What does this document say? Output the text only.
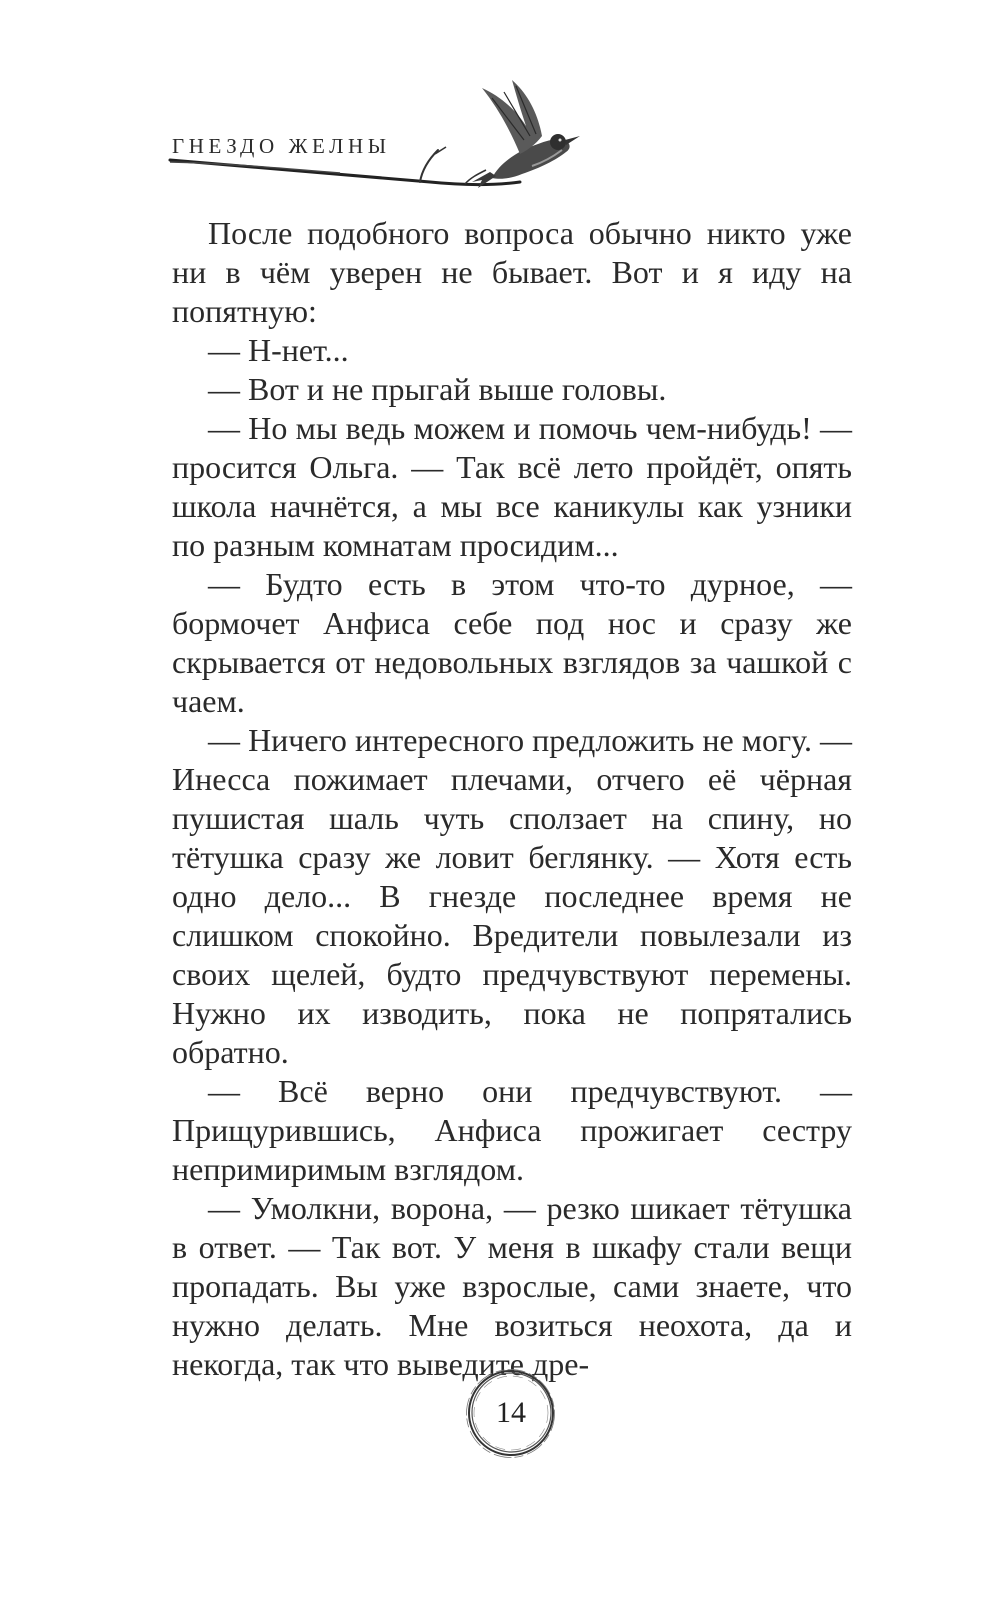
ГНЕЗДО ЖЕЛНЫ

После подобного вопроса обычно никто уже ни в чём уверен не бывает. Вот и я иду на попятную:

— Н-нет...

— Вот и не прыгай выше головы.

— Но мы ведь можем и помочь чем-нибудь! — просится Ольга. — Так всё лето пройдёт, опять школа начнётся, а мы все каникулы как узники по разным комнатам просидим...

— Будто есть в этом что-то дурное, — бормочет Анфиса себе под нос и сразу же скрывается от недовольных взглядов за чашкой с чаем.

— Ничего интересного предложить не могу. — Инесса пожимает плечами, отчего её чёрная пушистая шаль чуть сползает на спину, но тётушка сразу же ловит беглянку. — Хотя есть одно дело... В гнезде последнее время не слишком спокойно. Вредители повылезали из своих щелей, будто предчувствуют перемены. Нужно их изводить, пока не попрятались обратно.

— Всё верно они предчувствуют. — Прищурившись, Анфиса прожигает сестру непримиримым взглядом.

— Умолкни, ворона, — резко шикает тётушка в ответ. — Так вот. У меня в шкафу стали вещи пропадать. Вы уже взрослые, сами знаете, что нужно делать. Мне возиться неохота, да и некогда, так что выведите дре-

14
